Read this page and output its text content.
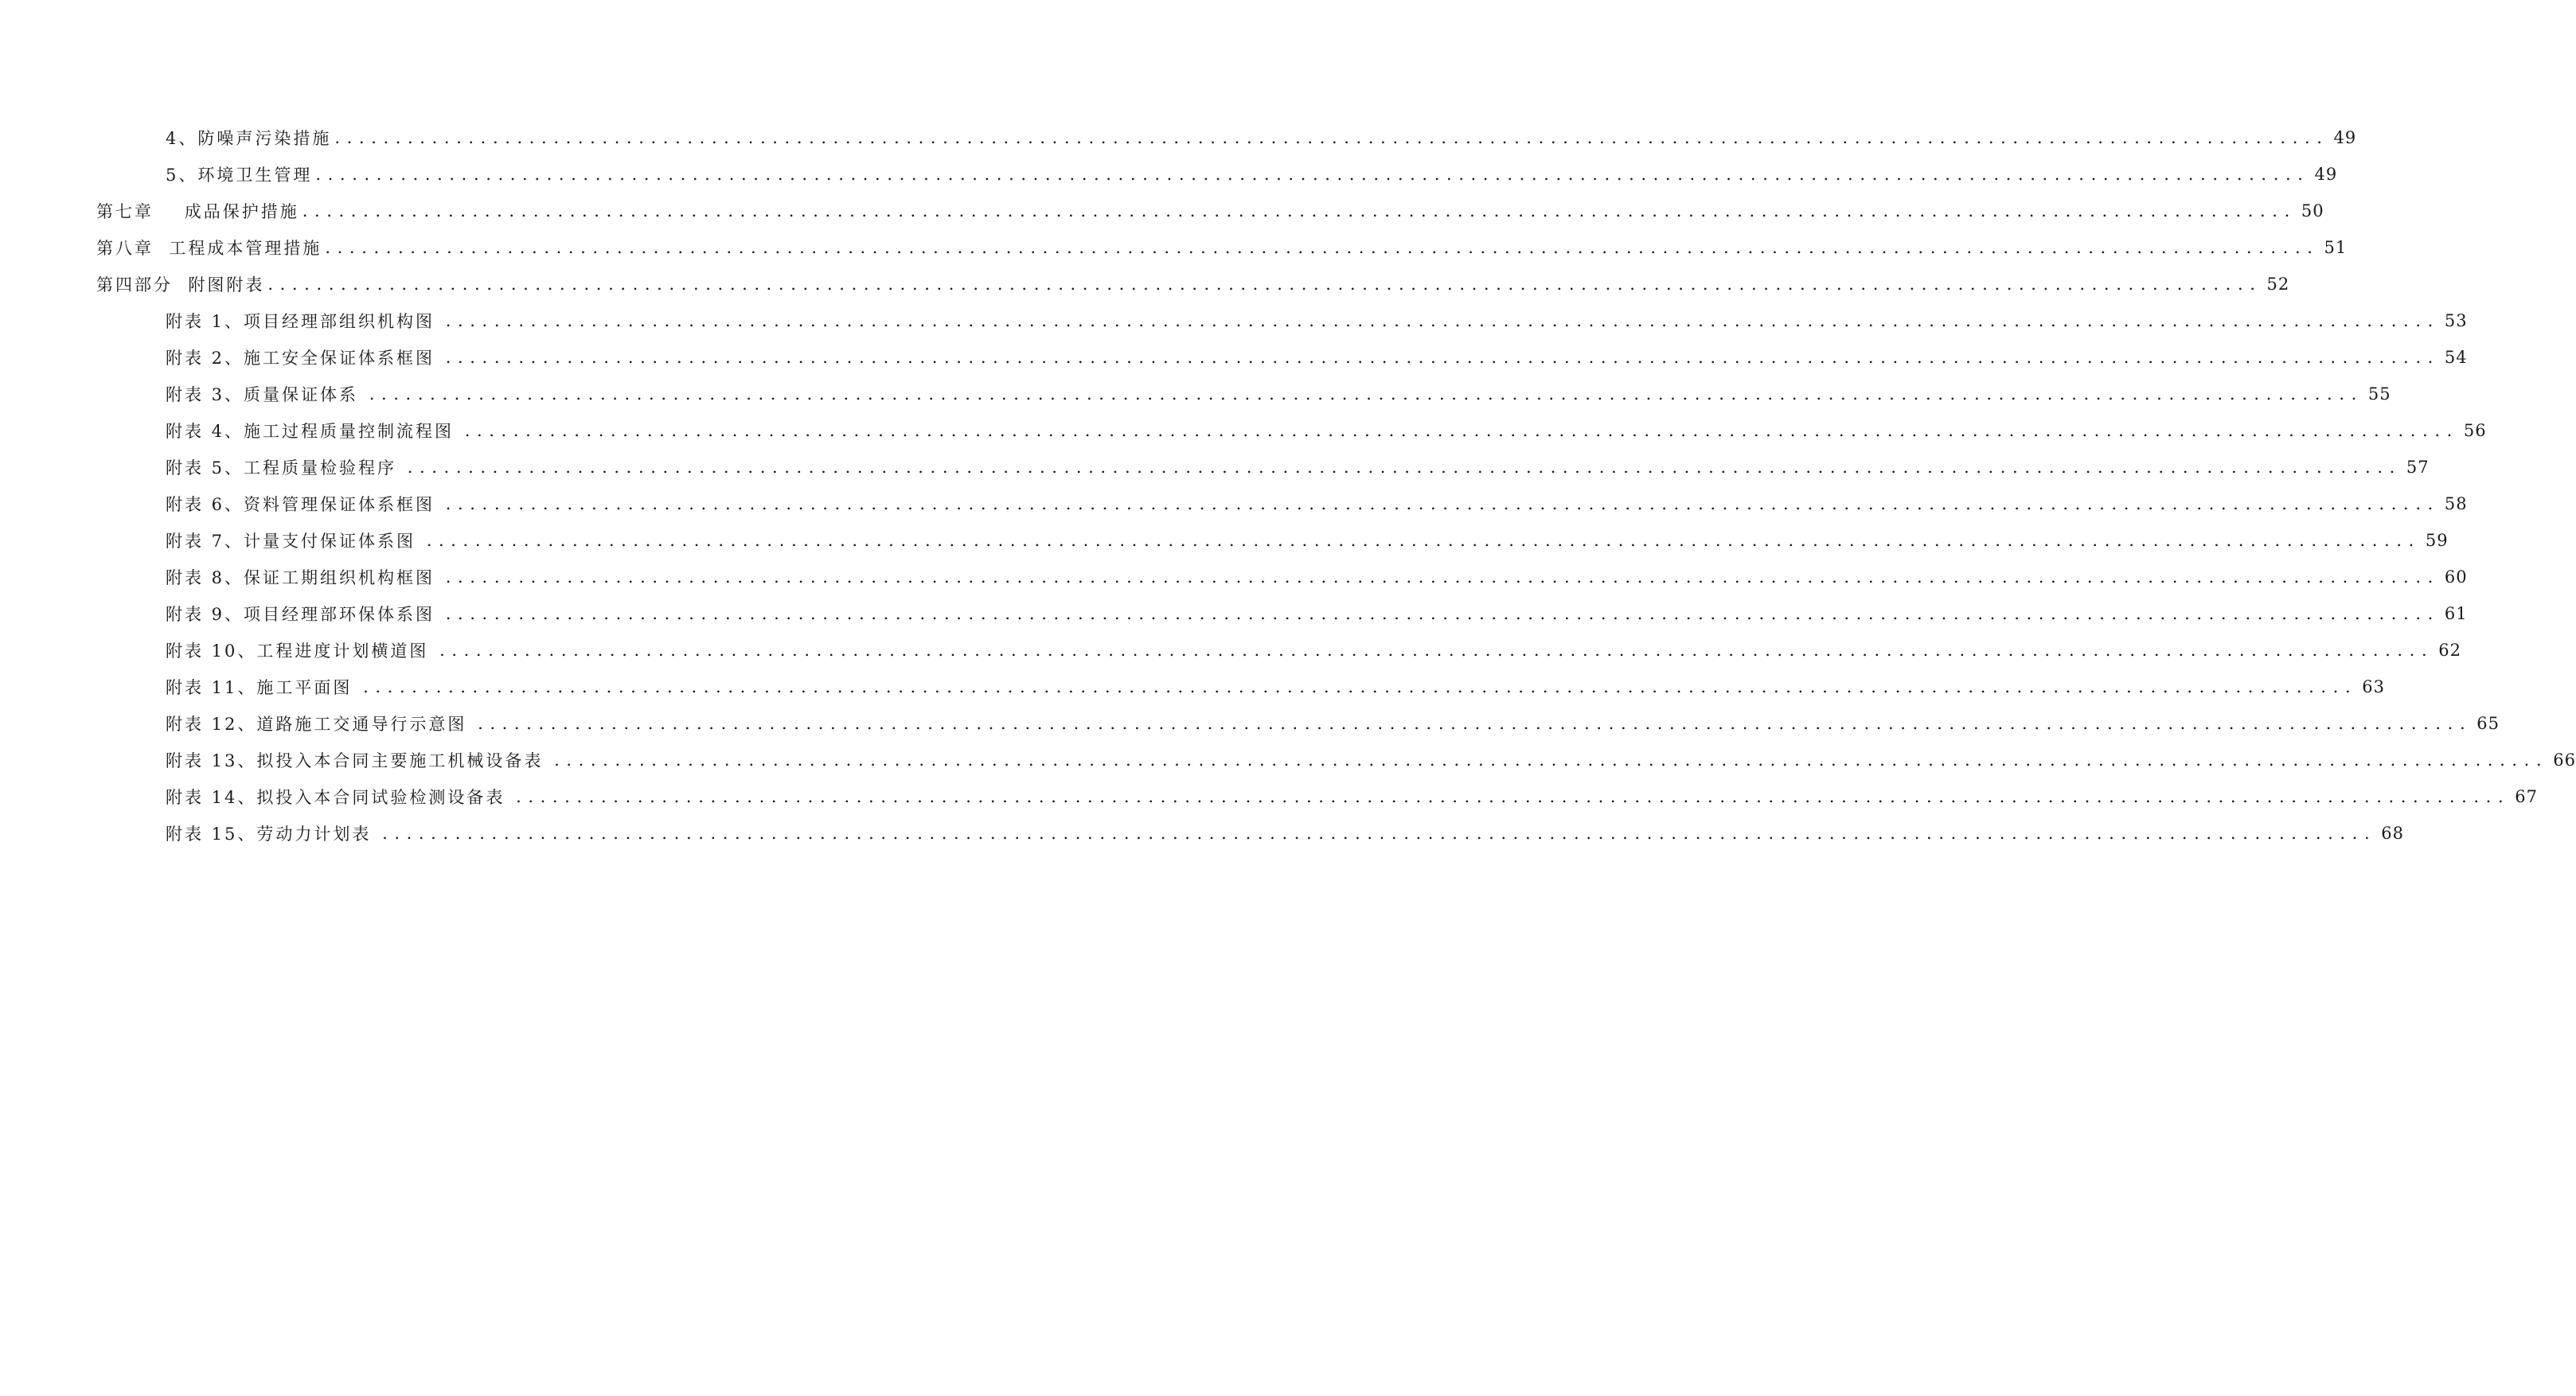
4、防噪声污染措施 .................................................................................................................................................................... 49
5、环境卫生管理 .................................................................................................................................................................... 49
第七章    成品保护措施 .................................................................................................................................................................... 50
第八章  工程成本管理措施 .................................................................................................................................................................... 51
第四部分  附图附表 .................................................................................................................................................................... 52
附表 1、项目经理部组织机构图 .................................................................................................................................................................... 53
附表 2、施工安全保证体系框图 .................................................................................................................................................................... 54
附表 3、质量保证体系 .................................................................................................................................................................... 55
附表 4、施工过程质量控制流程图 .................................................................................................................................................................... 56
附表 5、工程质量检验程序 .................................................................................................................................................................... 57
附表 6、资料管理保证体系框图 .................................................................................................................................................................... 58
附表 7、计量支付保证体系图 .................................................................................................................................................................... 59
附表 8、保证工期组织机构框图 .................................................................................................................................................................... 60
附表 9、项目经理部环保体系图 .................................................................................................................................................................... 61
附表 10、工程进度计划横道图 .................................................................................................................................................................... 62
附表 11、施工平面图 .................................................................................................................................................................... 63
附表 12、道路施工交通导行示意图 .................................................................................................................................................................... 65
附表 13、拟投入本合同主要施工机械设备表 .................................................................................................................................................................... 66
附表 14、拟投入本合同试验检测设备表 .................................................................................................................................................................... 67
附表 15、劳动力计划表 .................................................................................................................................................................... 68
